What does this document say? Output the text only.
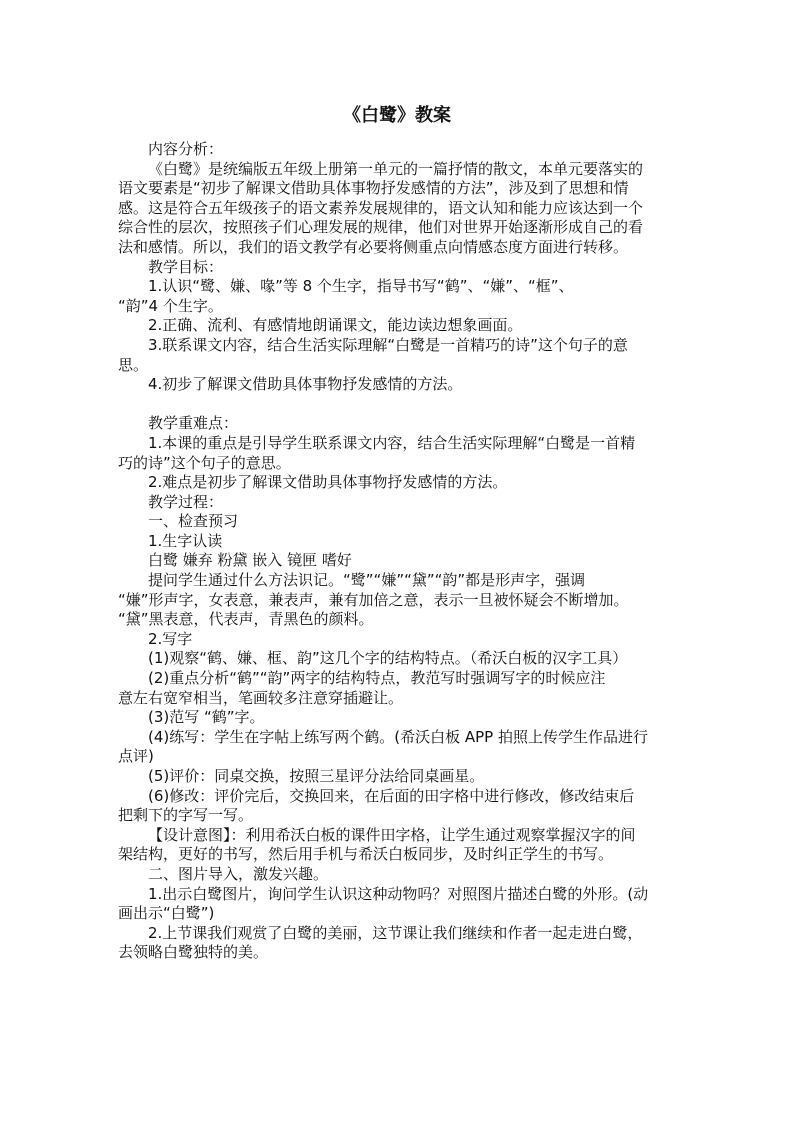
《白鹭》教案
内容分析：
《白鹭》是统编版五年级上册第一单元的一篇抒情的散文，本单元要落实的
语文要素是“初步了解课文借助具体事物抒发感情的方法”，涉及到了思想和情
感。这是符合五年级孩子的语文素养发展规律的，语文认知和能力应该达到一个
综合性的层次，按照孩子们心理发展的规律，他们对世界开始逐渐形成自己的看
法和感情。所以，我们的语文教学有必要将侧重点向情感态度方面进行转移。
教学目标：
1.认识“鹭、嫌、喙”等 8 个生字，指导书写“鹤”、“嫌”、“框”、
“韵”4 个生字。
2.正确、流利、有感情地朗诵课文，能边读边想象画面。
3.联系课文内容，结合生活实际理解“白鹭是一首精巧的诗”这个句子的意
思。
4.初步了解课文借助具体事物抒发感情的方法。
教学重难点：
1.本课的重点是引导学生联系课文内容，结合生活实际理解“白鹭是一首精
巧的诗”这个句子的意思。
2.难点是初步了解课文借助具体事物抒发感情的方法。
教学过程：
一、检查预习
1.生字认读
白鹭 嫌弃 粉黛 嵌入 镜匣 嗜好
提问学生通过什么方法识记。“鹭”“嫌”“黛”“韵”都是形声字，强调
“嫌”形声字，女表意，兼表声，兼有加倍之意，表示一旦被怀疑会不断增加。
“黛”黑表意，代表声，青黑色的颜料。
2.写字
(1)观察“鹤、嫌、框、韵”这几个字的结构特点。（希沃白板的汉字工具）
(2)重点分析“鹤”“韵”两字的结构特点，教范写时强调写字的时候应注
意左右宽窄相当，笔画较多注意穿插避让。
(3)范写 “鹤”字。
(4)练写：学生在字帖上练写两个鹤。(希沃白板 APP 拍照上传学生作品进行
点评)
(5)评价：同桌交换，按照三星评分法给同桌画星。
(6)修改：评价完后，交换回来，在后面的田字格中进行修改，修改结束后
把剩下的字写一写。
【设计意图】：利用希沃白板的课件田字格，让学生通过观察掌握汉字的间
架结构，更好的书写，然后用手机与希沃白板同步，及时纠正学生的书写。
二、图片导入，激发兴趣。
1.出示白鹭图片，询问学生认识这种动物吗？对照图片描述白鹭的外形。(动
画出示“白鹭”)
2.上节课我们观赏了白鹭的美丽，这节课让我们继续和作者一起走进白鹭，
去领略白鹭独特的美。
